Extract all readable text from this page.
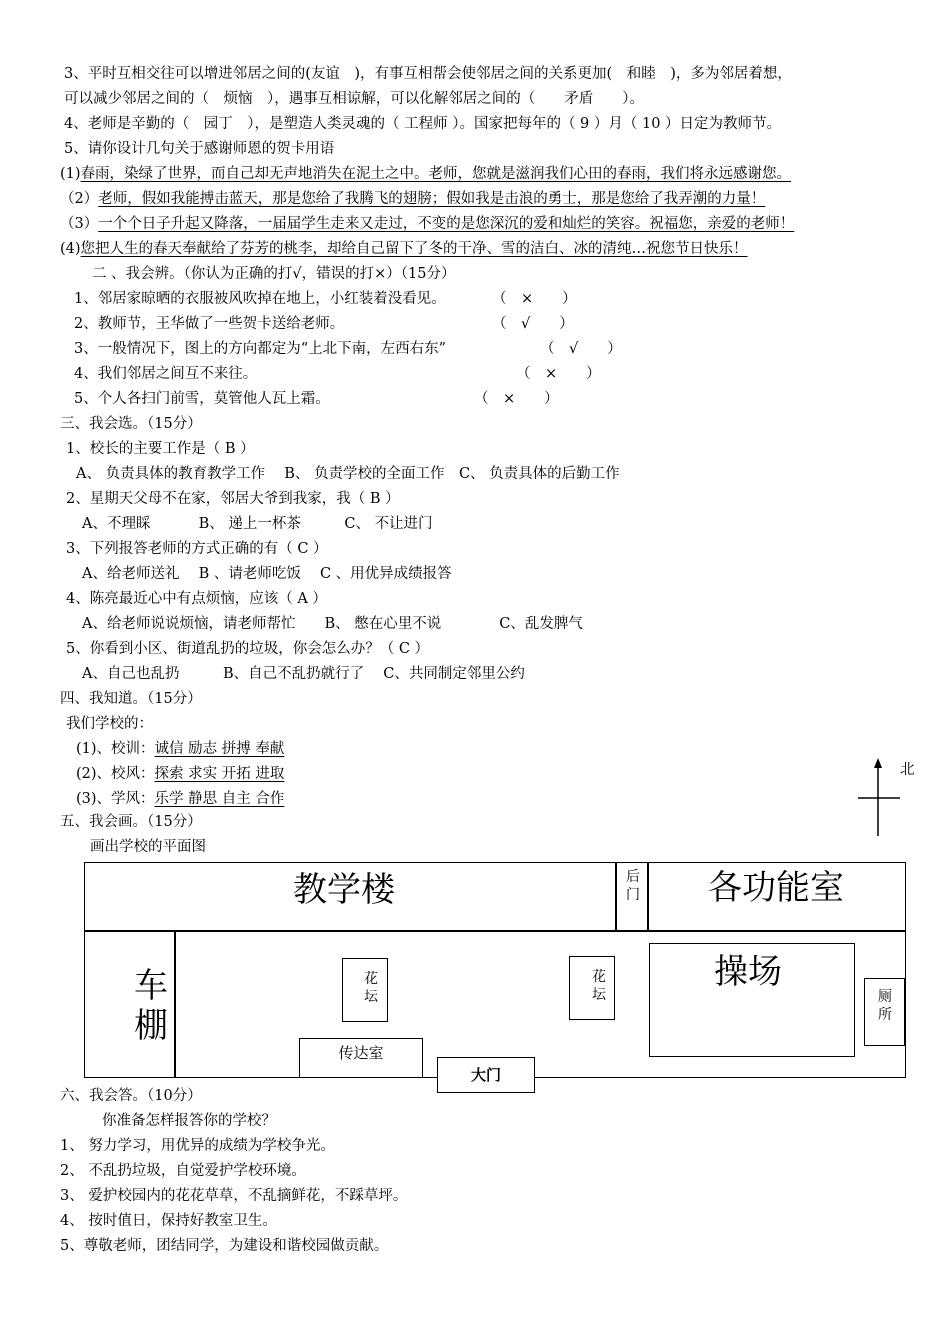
3、平时互相交往可以增进邻居之间的(友谊　)，有事互相帮会使邻居之间的关系更加(　和睦　)，多为邻居着想，
可以减少邻居之间的（　烦恼　），遇事互相谅解，可以化解邻居之间的（　　矛盾　　）。
4、老师是辛勤的（　园丁　），是塑造人类灵魂的（ 工程师 ）。国家把每年的（ 9 ）月（ 10 ）日定为教师节。
5、请你设计几句关于感谢师恩的贺卡用语
(1)春雨，染绿了世界，而自己却无声地消失在泥土之中。老师，您就是滋润我们心田的春雨，我们将永远感谢您。
（2）老师，假如我能搏击蓝天，那是您给了我腾飞的翅膀；假如我是击浪的勇士，那是您给了我弄潮的力量！
（3）一个个日子升起又降落，一届届学生走来又走过，不变的是您深沉的爱和灿烂的笑容。祝福您，亲爱的老师！
(4)您把人生的春天奉献给了芬芳的桃李，却给自己留下了冬的干净、雪的洁白、冰的清纯…祝您节日快乐！
二 、我会辨。（你认为正确的打√，错误的打×）（15分）
1、邻居家晾晒的衣服被风吹掉在地上，小红装着没看见。	（　×　　）
2、教师节，王华做了一些贺卡送给老师。	（　√　　）
3、一般情况下，图上的方向都定为“上北下南，左西右东”	（　√　　）
4、我们邻居之间互不来往。	（　×　　）
5、个人各扫门前雪，莫管他人瓦上霜。	（　×　　）
三、我会选。（15分）
1、校长的主要工作是（ B ）
A、 负责具体的教育教学工作　 B、 负责学校的全面工作　C、 负责具体的后勤工作
2、星期天父母不在家，邻居大爷到我家，我（ B ）
A、不理睬　　　 B、 递上一杯茶　　　C、 不让进门
3、下列报答老师的方式正确的有（ C ）
A、给老师送礼　 B 、请老师吃饭　 C 、用优异成绩报答
4、陈亮最近心中有点烦恼，应该（ A ）
A、给老师说说烦恼，请老师帮忙　　B、 憋在心里不说　　　　C、乱发脾气
5、你看到小区、街道乱扔的垃圾，你会怎么办？（ C ）
A、自己也乱扔　　　B、自己不乱扔就行了　 C、共同制定邻里公约
四、我知道。（15分）
我们学校的：
(1)、校训：诚信 励志 拼搏 奉献
(2)、校风：探索 求实 开拓 进取
(3)、学风：乐学 静思 自主 合作
北
五、我会画。（15分）
画出学校的平面图
教学楼	后门 各功能室
车棚
花坛
花坛
操场
厕所
传达室
大门
六、我会答。（10分）
你准备怎样报答你的学校？
1、 努力学习，用优异的成绩为学校争光。
2、 不乱扔垃圾，自觉爱护学校环境。
3、 爱护校园内的花花草草，不乱摘鲜花，不踩草坪。
4、 按时值日，保持好教室卫生。
5、尊敬老师，团结同学，为建设和谐校园做贡献。
